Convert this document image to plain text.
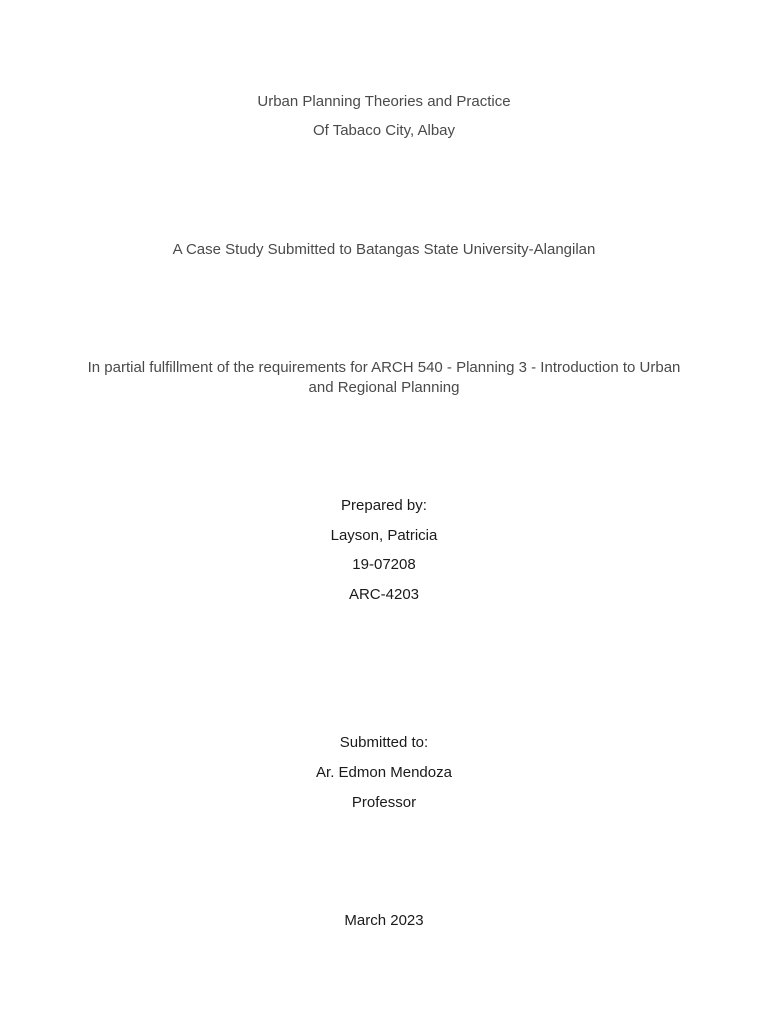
Urban Planning Theories and Practice
Of Tabaco City, Albay
A Case Study Submitted to Batangas State University-Alangilan
In partial fulfillment of the requirements for ARCH 540 - Planning 3 - Introduction to Urban and Regional Planning
Prepared by:
Layson, Patricia
19-07208
ARC-4203
Submitted to:
Ar. Edmon Mendoza
Professor
March 2023
